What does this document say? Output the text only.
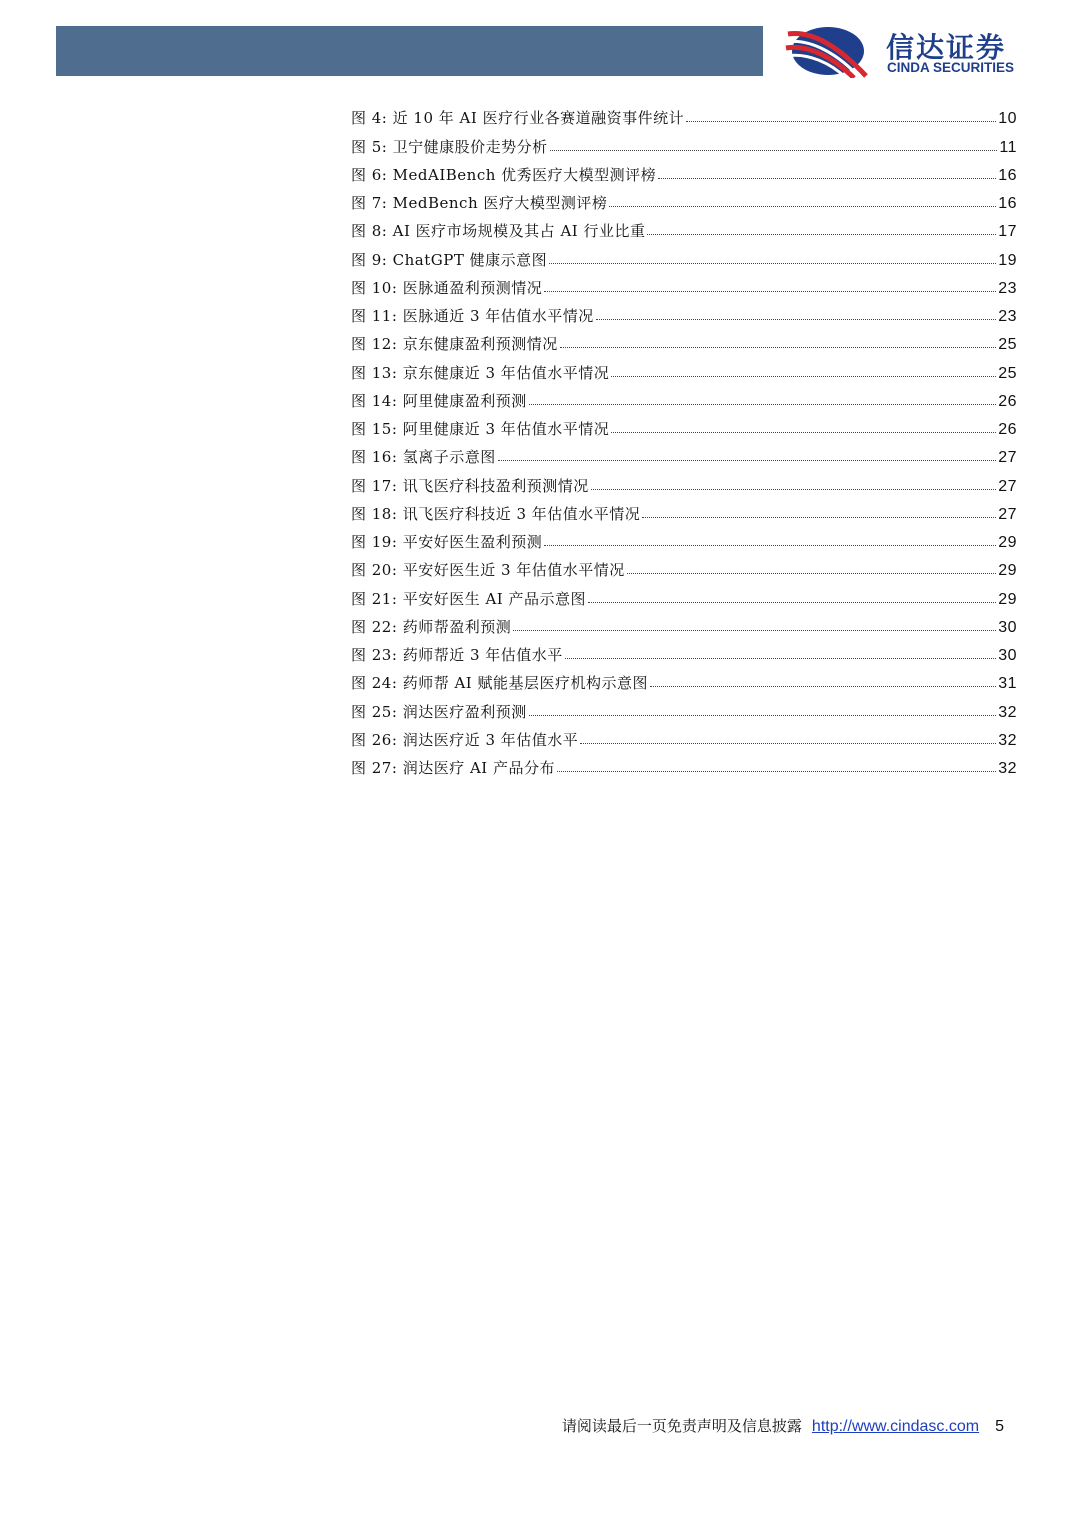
信达证券
CINDA SECURITIES
图 4: 近 10 年 AI 医疗行业各赛道融资事件统计	10
图 5: 卫宁健康股价走势分析	11
图 6: MedAIBench 优秀医疗大模型测评榜	16
图 7: MedBench 医疗大模型测评榜	16
图 8: AI 医疗市场规模及其占 AI 行业比重	17
图 9: ChatGPT 健康示意图	19
图 10: 医脉通盈利预测情况	23
图 11: 医脉通近 3 年估值水平情况	23
图 12: 京东健康盈利预测情况	25
图 13: 京东健康近 3 年估值水平情况	25
图 14: 阿里健康盈利预测	26
图 15: 阿里健康近 3 年估值水平情况	26
图 16: 氢离子示意图	27
图 17: 讯飞医疗科技盈利预测情况	27
图 18: 讯飞医疗科技近 3 年估值水平情况	27
图 19: 平安好医生盈利预测	29
图 20: 平安好医生近 3 年估值水平情况	29
图 21: 平安好医生 AI 产品示意图	29
图 22: 药师帮盈利预测	30
图 23: 药师帮近 3 年估值水平	30
图 24: 药师帮 AI 赋能基层医疗机构示意图	31
图 25: 润达医疗盈利预测	32
图 26: 润达医疗近 3 年估值水平	32
图 27: 润达医疗 AI 产品分布	32
请阅读最后一页免责声明及信息披露 http://www.cindasc.com 5
